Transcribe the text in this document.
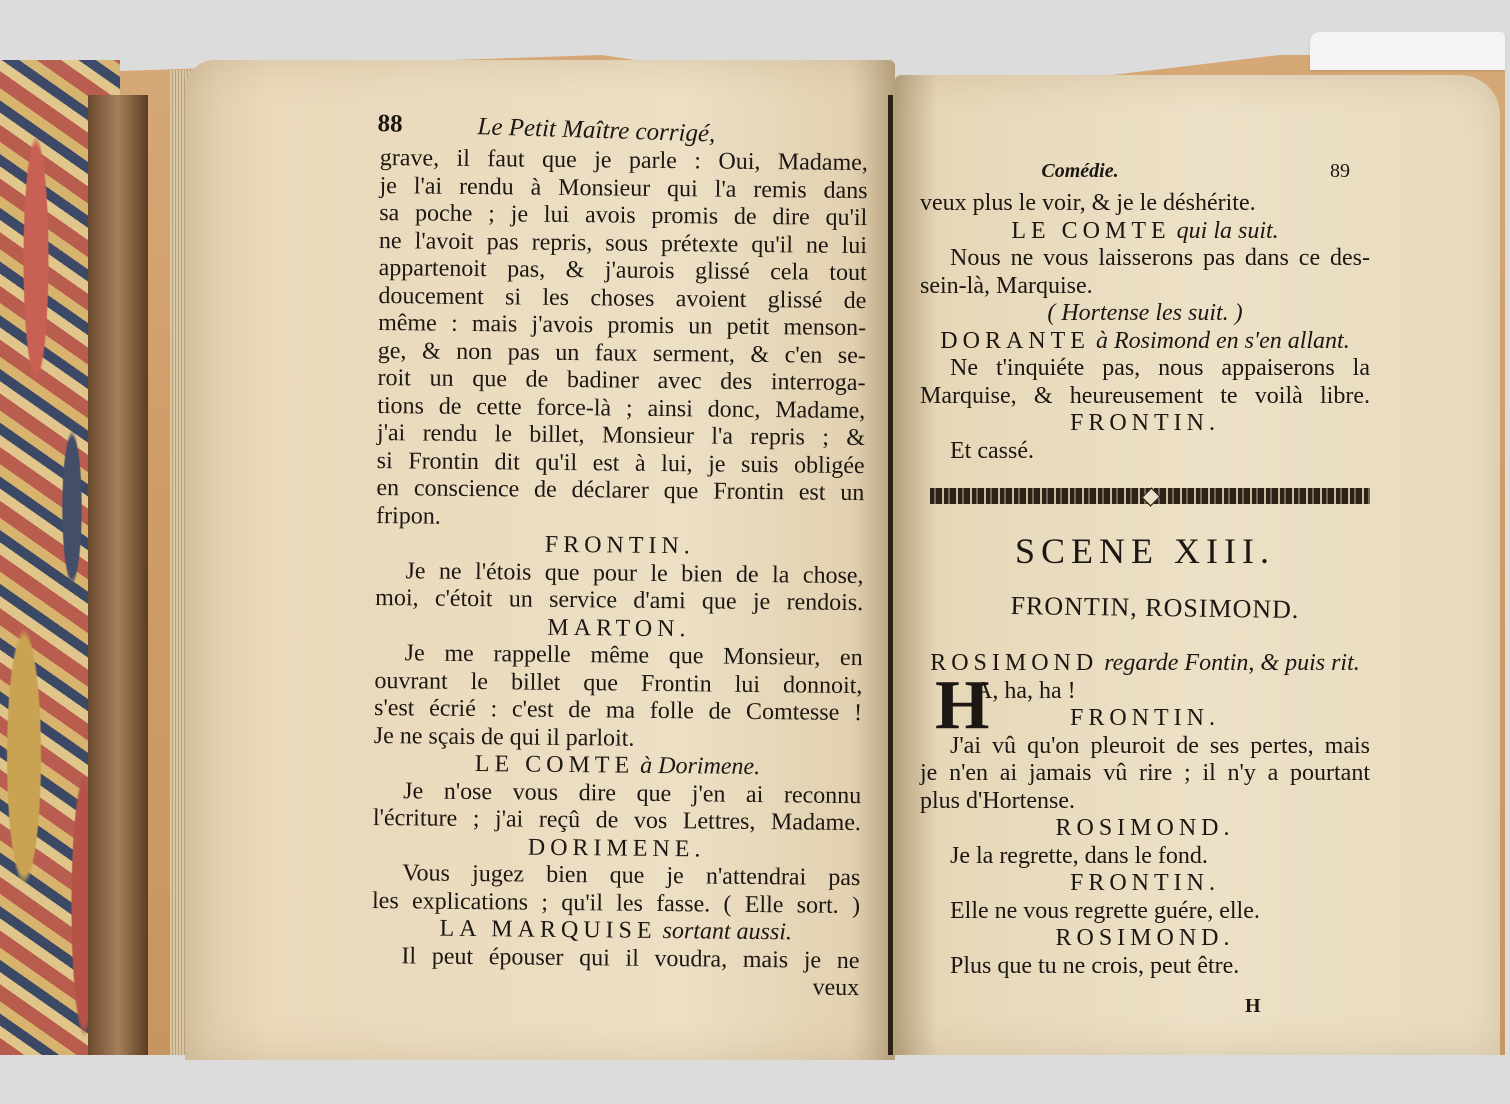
88	Le Petit Maître corrigé,
grave, il faut que je parle : Oui, Madame,
je l'ai rendu à Monsieur qui l'a remis dans
sa poche ; je lui avois promis de dire qu'il
ne l'avoit pas repris, sous prétexte qu'il ne lui
appartenoit pas, & j'aurois glissé cela tout
doucement si les choses avoient glissé de
même : mais j'avois promis un petit menson-
ge, & non pas un faux serment, & c'en se-
roit un que de badiner avec des interroga-
tions de cette force-là ; ainsi donc, Madame,
j'ai rendu le billet, Monsieur l'a repris ; &
si Frontin dit qu'il est à lui, je suis obligée
en conscience de déclarer que Frontin est un
fripon.
FRONTIN.
Je ne l'étois que pour le bien de la chose,
moi, c'étoit un service d'ami que je rendois.
MARTON.
Je me rappelle même que Monsieur, en
ouvrant le billet que Frontin lui donnoit,
s'est écrié : c'est de ma folle de Comtesse !
Je ne sçais de qui il parloit.
LE COMTE à Dorimene.
Je n'ose vous dire que j'en ai reconnu
l'écriture ; j'ai reçû de vos Lettres, Madame.
DORIMENE.
Vous jugez bien que je n'attendrai pas
les explications ; qu'il les fasse. ( Elle sort. )
LA MARQUISE sortant aussi.
Il peut épouser qui il voudra, mais je ne
veux
Comédie.	89
veux plus le voir, & je le déshérite.
LE COMTE qui la suit.
Nous ne vous laisserons pas dans ce des-
sein-là, Marquise.
( Hortense les suit. )
DORANTE à Rosimond en s'en allant.
Ne t'inquiéte pas, nous appaiserons la
Marquise, & heureusement te voilà libre.
FRONTIN.
Et cassé.
SCENE XIII.
FRONTIN, ROSIMOND.
ROSIMOND regarde Fontin, & puis rit.
A, ha, ha !
FRONTIN.
J'ai vû qu'on pleuroit de ses pertes, mais
je n'en ai jamais vû rire ; il n'y a pourtant
plus d'Hortense.
ROSIMOND.
Je la regrette, dans le fond.
FRONTIN.
Elle ne vous regrette guére, elle.
ROSIMOND.
Plus que tu ne crois, peut être.
H
H
